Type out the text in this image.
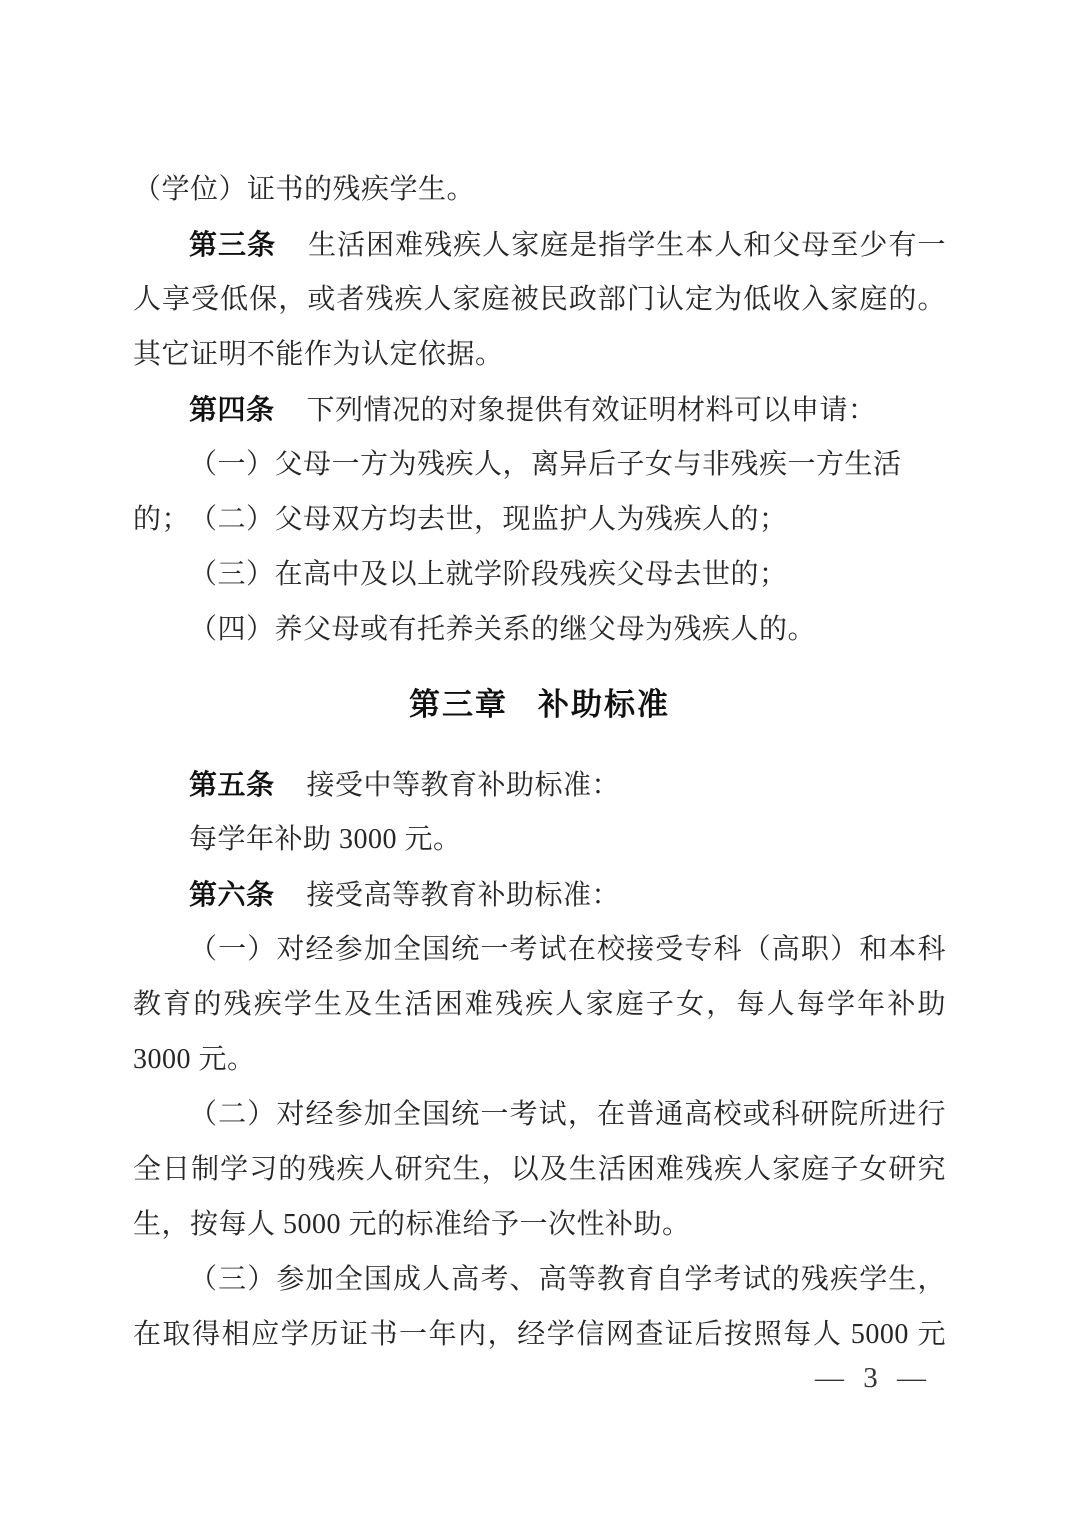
（学位）证书的残疾学生。
第三条 生活困难残疾人家庭是指学生本人和父母至少有一
人享受低保，或者残疾人家庭被民政部门认定为低收入家庭的。
其它证明不能作为认定依据。
第四条 下列情况的对象提供有效证明材料可以申请：
（一）父母一方为残疾人，离异后子女与非残疾一方生活的；
（二）父母双方均去世，现监护人为残疾人的；
（三）在高中及以上就学阶段残疾父母去世的；
（四）养父母或有托养关系的继父母为残疾人的。
第三章 补助标准
第五条 接受中等教育补助标准：
每学年补助 3000 元。
第六条 接受高等教育补助标准：
（一）对经参加全国统一考试在校接受专科（高职）和本科
教育的残疾学生及生活困难残疾人家庭子女，每人每学年补助
3000 元。
（二）对经参加全国统一考试，在普通高校或科研院所进行
全日制学习的残疾人研究生，以及生活困难残疾人家庭子女研究
生，按每人 5000 元的标准给予一次性补助。
（三）参加全国成人高考、高等教育自学考试的残疾学生，
在取得相应学历证书一年内，经学信网查证后按照每人 5000 元
— 3 —
